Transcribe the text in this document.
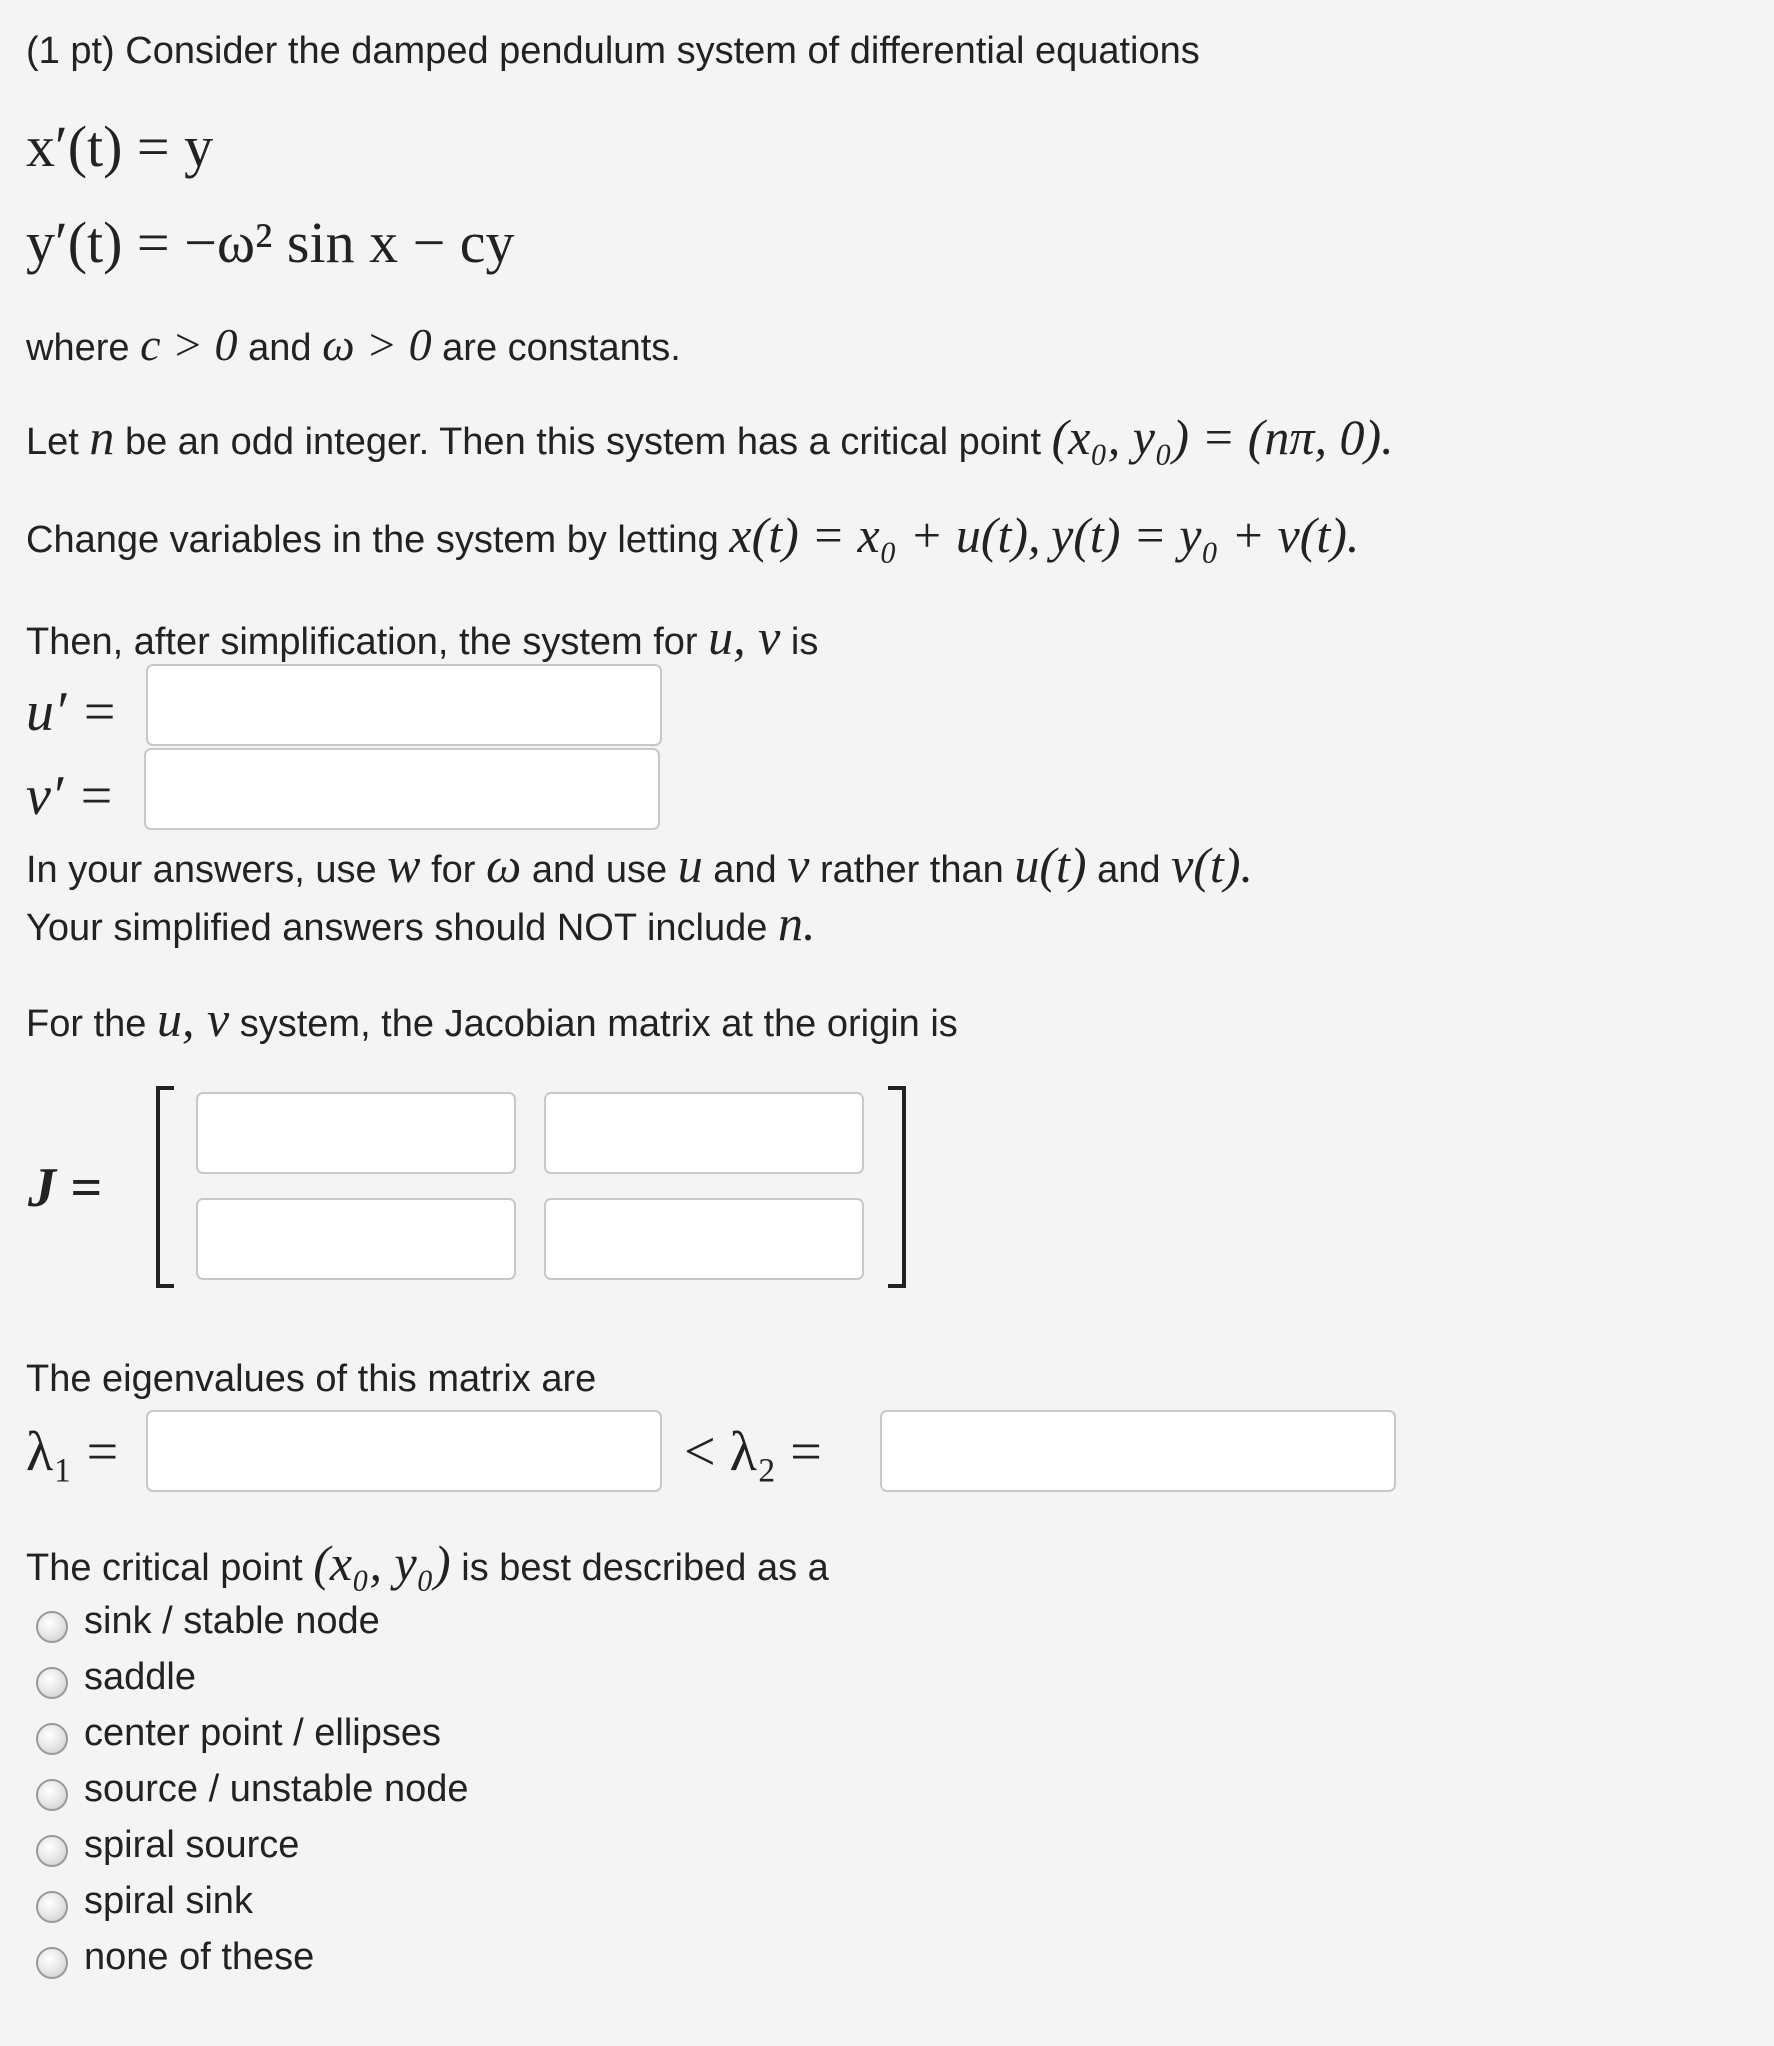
(1 pt) Consider the damped pendulum system of differential equations
x′(t) = y
y′(t) = −ω² sin x − cy
where c > 0 and ω > 0 are constants.
Let n be an odd integer. Then this system has a critical point (x₀, y₀) = (nπ, 0).
Change variables in the system by letting x(t) = x₀ + u(t), y(t) = y₀ + v(t).
Then, after simplification, the system for u, v is
u′ =
v′ =
In your answers, use w for ω and use u and v rather than u(t) and v(t).
Your simplified answers should NOT include n.
For the u, v system, the Jacobian matrix at the origin is
J =
The eigenvalues of this matrix are
λ₁ =	< λ₂ =
The critical point (x₀, y₀) is best described as a
sink / stable node
saddle
center point / ellipses
source / unstable node
spiral source
spiral sink
none of these
